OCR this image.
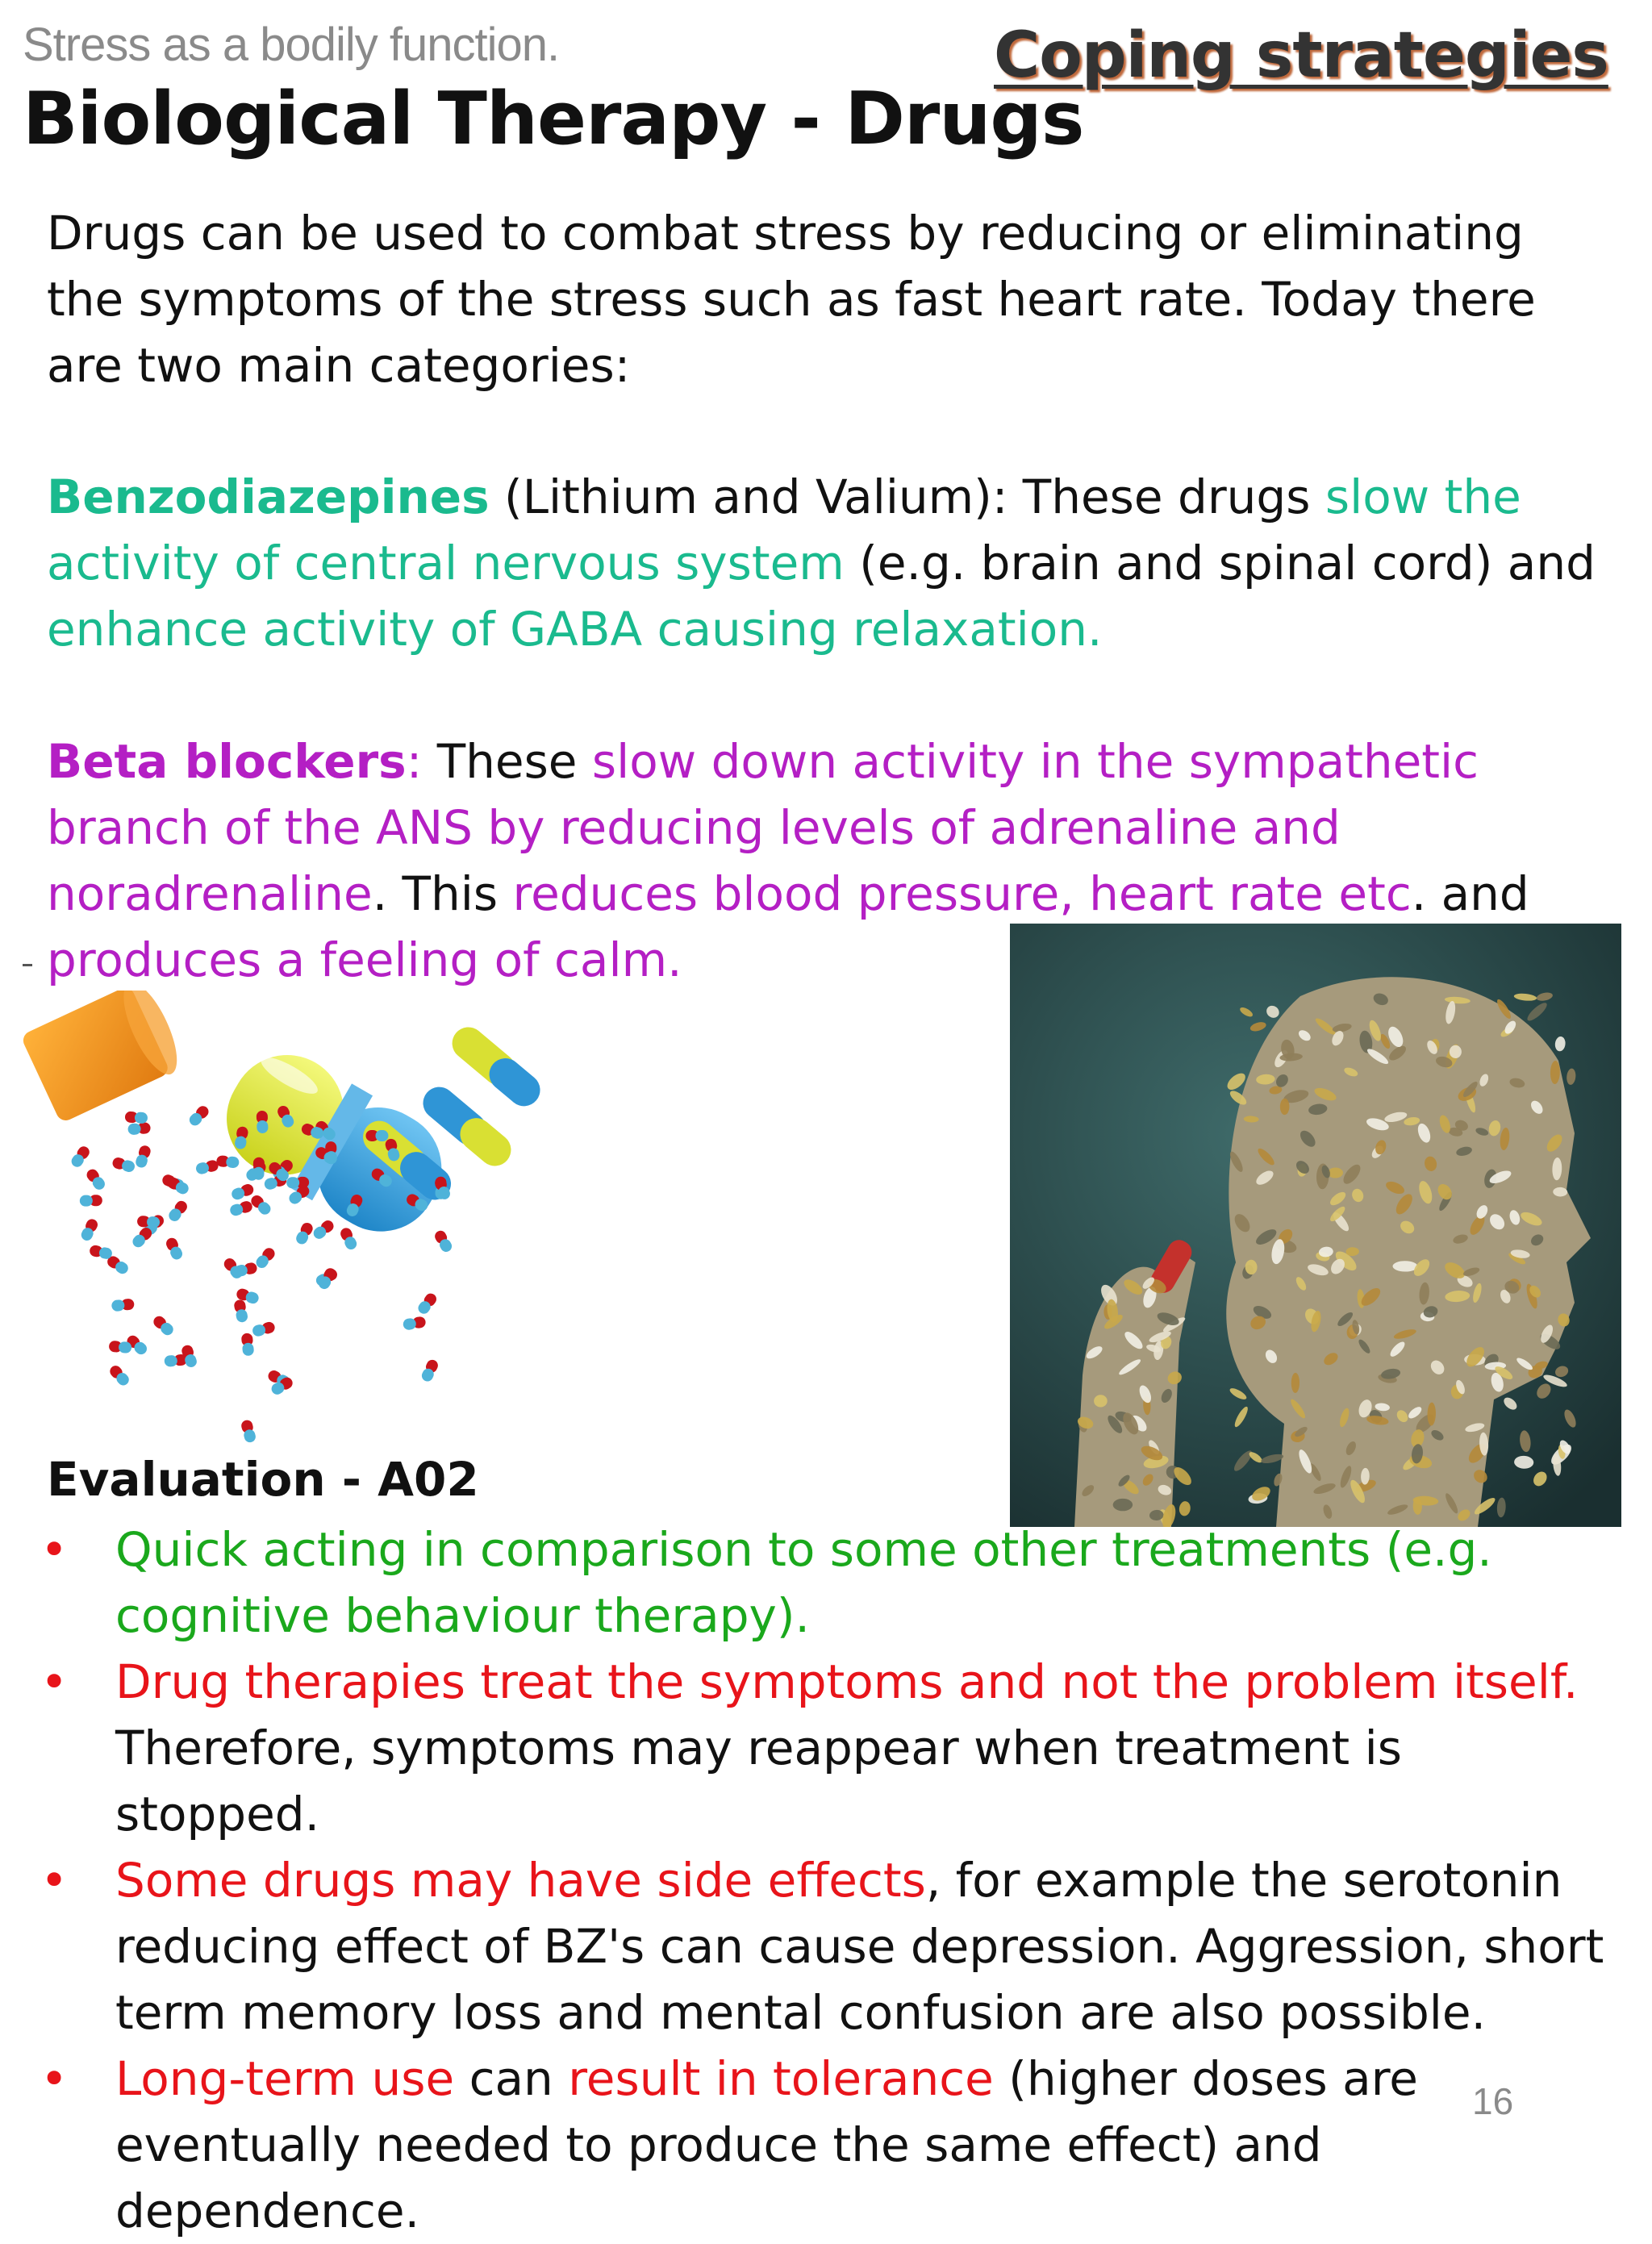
Stress as a bodily function.
Biological Therapy - Drugs
Coping strategies
Drugs can be used to combat stress by reducing or eliminating the symptoms of the stress such as fast heart rate. Today there are two main categories:
Benzodiazepines (Lithium and Valium): These drugs slow the activity of central nervous system (e.g. brain and spinal cord) and enhance activity of GABA causing relaxation.
Beta blockers: These slow down activity in the sympathetic branch of the ANS by reducing levels of adrenaline and noradrenaline. This reduces blood pressure, heart rate etc. and produces a feeling of calm.
Evaluation - A02
• Quick acting in comparison to some other treatments (e.g. cognitive behaviour therapy).
• Drug therapies treat the symptoms and not the problem itself. Therefore, symptoms may reappear when treatment is stopped.
• Some drugs may have side effects, for example the serotonin reducing effect of BZ's can cause depression. Aggression, short term memory loss and mental confusion are also possible.
• Long-term use can result in tolerance (higher doses are eventually needed to produce the same effect) and dependence.
16
